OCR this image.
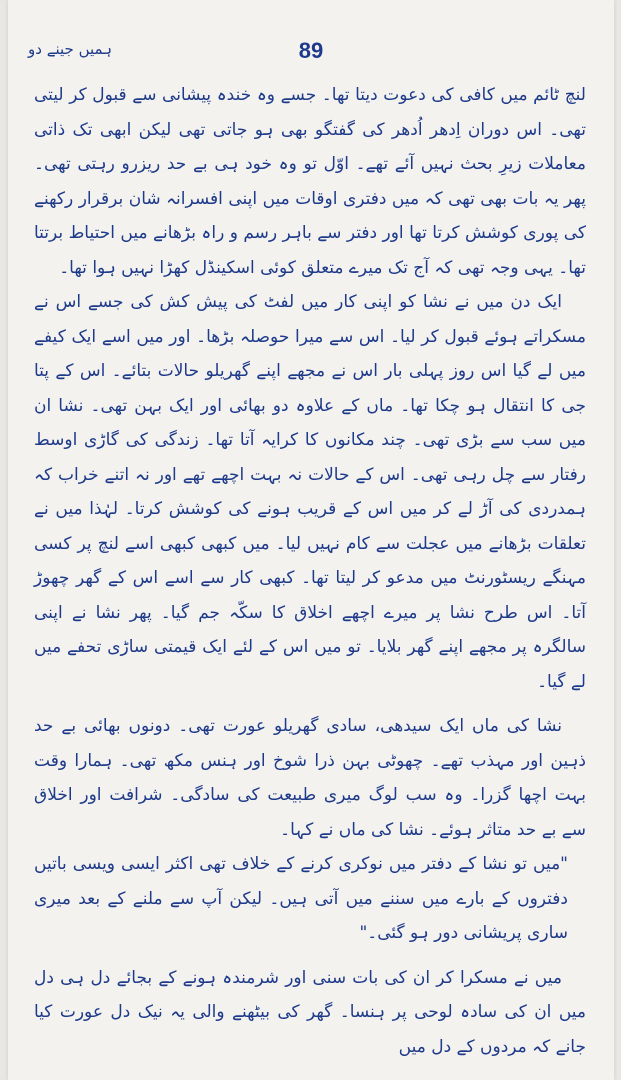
ہمیں جینے دو	89

لنچ ٹائم میں کافی کی دعوت دیتا تھا۔ جسے وہ خندہ پیشانی سے قبول کر لیتی تھی۔ اس دوران اِدھر اُدھر کی گفتگو بھی ہو جاتی تھی لیکن ابھی تک ذاتی معاملات زیرِ بحث نہیں آئے تھے۔ اوّل تو وہ خود ہی بے حد ریزرو رہتی تھی۔ پھر یہ بات بھی تھی کہ میں دفتری اوقات میں اپنی افسرانہ شان برقرار رکھنے کی پوری کوشش کرتا تھا اور دفتر سے باہر رسم و راہ بڑھانے میں احتیاط برتتا تھا۔ یہی وجہ تھی کہ آج تک میرے متعلق کوئی اسکینڈل کھڑا نہیں ہوا تھا۔

ایک دن میں نے نشا کو اپنی کار میں لفٹ کی پیش کش کی جسے اس نے مسکراتے ہوئے قبول کر لیا۔ اس سے میرا حوصلہ بڑھا۔ اور میں اسے ایک کیفے میں لے گیا اس روز پہلی بار اس نے مجھے اپنے گھریلو حالات بتائے۔ اس کے پتا جی کا انتقال ہو چکا تھا۔ ماں کے علاوہ دو بھائی اور ایک بہن تھی۔ نشا ان میں سب سے بڑی تھی۔ چند مکانوں کا کرایہ آتا تھا۔ زندگی کی گاڑی اوسط رفتار سے چل رہی تھی۔ اس کے حالات نہ بہت اچھے تھے اور نہ اتنے خراب کہ ہمدردی کی آڑ لے کر میں اس کے قریب ہونے کی کوشش کرتا۔ لہٰذا میں نے تعلقات بڑھانے میں عجلت سے کام نہیں لیا۔ میں کبھی کبھی اسے لنچ پر کسی مہنگے ریسٹورنٹ میں مدعو کر لیتا تھا۔ کبھی کار سے اسے اس کے گھر چھوڑ آتا۔ اس طرح نشا پر میرے اچھے اخلاق کا سکّہ جم گیا۔ پھر نشا نے اپنی سالگرہ پر مجھے اپنے گھر بلایا۔ تو میں اس کے لئے ایک قیمتی ساڑی تحفے میں لے گیا۔

نشا کی ماں ایک سیدھی، سادی گھریلو عورت تھی۔ دونوں بھائی بے حد ذہین اور مہذب تھے۔ چھوٹی بہن ذرا شوخ اور ہنس مکھ تھی۔ ہمارا وقت بہت اچھا گزرا۔ وہ سب لوگ میری طبیعت کی سادگی۔ شرافت اور اخلاق سے بے حد متاثر ہوئے۔ نشا کی ماں نے کہا۔

"میں تو نشا کے دفتر میں نوکری کرنے کے خلاف تھی اکثر ایسی ویسی باتیں دفتروں کے بارے میں سننے میں آتی ہیں۔ لیکن آپ سے ملنے کے بعد میری ساری پریشانی دور ہو گئی۔"

میں نے مسکرا کر ان کی بات سنی اور شرمندہ ہونے کے بجائے دل ہی دل میں ان کی سادہ لوحی پر ہنسا۔ گھر کی بیٹھنے والی یہ نیک دل عورت کیا جانے کہ مردوں کے دل میں
